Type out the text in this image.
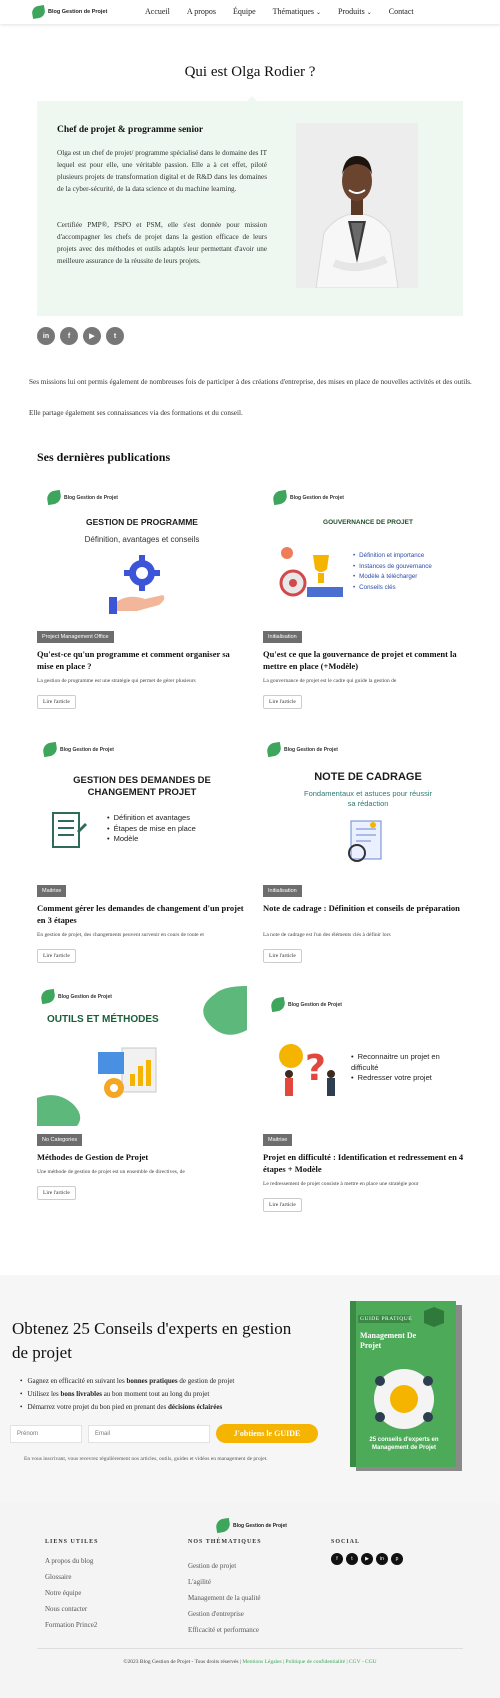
Blog Gestion de Projet	Accueil A propos Équipe Thématiques ⌄ Produits ⌄ Contact
Qui est Olga Rodier ?
Chef de projet & programme senior
Olga est un chef de projet/ programme spécialisé dans le domaine des IT lequel est pour elle, une véritable passion. Elle a à cet effet, piloté plusieurs projets de transformation digital et de R&D dans les domaines de la cyber-sécurité, de la data science et du machine learning.
Certifiée PMP®, PSPO et PSM, elle s'est donnée pour mission d'accompagner les chefs de projet dans la gestion efficace de leurs projets avec des méthodes et outils adaptés leur permettant d'avoir une meilleure assurance de la réussite de leurs projets.
in	f	▶	t
Ses missions lui ont permis également de nombreuses fois de participer à des créations d'entreprise, des mises en place de nouvelles activités et des outils.
Elle partage également ses connaissances via des formations et du conseil.
Ses dernières publications
Blog Gestion de Projet
GESTION DE PROGRAMME
Définition, avantages et conseils
Project Management Office
Qu'est-ce qu'un programme et comment organiser sa mise en place ?
La gestion de programme est une stratégie qui permet de gérer plusieurs
Lire l'article
Blog Gestion de Projet
GOUVERNANCE DE PROJET
• Définition et importance
• Instances de gouvernance
• Modèle à télécharger
• Conseils clés
Initialisation
Qu'est ce que la gouvernance de projet et comment la mettre en place (+Modèle)
La gouvernance de projet est le cadre qui guide la gestion de
Lire l'article
Blog Gestion de Projet
GESTION DES DEMANDES DE CHANGEMENT PROJET
• Définition et avantages
• Étapes de mise en place
• Modèle
Maitrise
Comment gérer les demandes de changement d'un projet en 3 étapes
En gestion de projet, des changements peuvent survenir en cours de route et
Lire l'article
Blog Gestion de Projet
NOTE DE CADRAGE
Fondamentaux et astuces pour réussir sa rédaction
Initialisation
Note de cadrage : Définition et conseils de préparation
La note de cadrage est l'un des éléments clés à définir lors
Lire l'article
Blog Gestion de Projet
OUTILS ET MÉTHODES
No Categories
Méthodes de Gestion de Projet
Une méthode de gestion de projet est un ensemble de directives, de
Lire l'article
Blog Gestion de Projet
?
•	Reconnaitre un projet en difficulté
• Redresser votre projet
Maitrise
Projet en difficulté : Identification et redressement en 4 étapes + Modèle
Le redressement de projet consiste à mettre en place une stratégie pour
Lire l'article
Obtenez 25 Conseils d'experts en gestion de projet
• Gagnez en efficacité en suivant les bonnes pratiques de gestion de projet
• Utilisez les bons livrables au bon moment tout au long du projet
• Démarrez votre projet du bon pied en prenant des décisions éclairées
Prénom	Email	J'obtiens le GUIDE
En vous inscrivant, vous recevrez régulièrement nos articles, outils, guides et vidéos en management de projet.
GUIDE PRATIQUE
Management De Projet
25 conseils d'experts en Management de Projet
Blog Gestion de Projet
LIENS UTILES
A propos du blog
Glossaire
Notre équipe
Nous contacter
Formation Prince2
NOS THÉMATIQUES
Gestion de projet
L'agilité
Management de la qualité
Gestion d'entreprise
Efficacité et performance
SOCIAL
f	t	▶	in	p
©2023 Blog Gestion de Projet - Tous droits réservés | Mentions Légales | Politique de confidentialité | CGV - CGU
